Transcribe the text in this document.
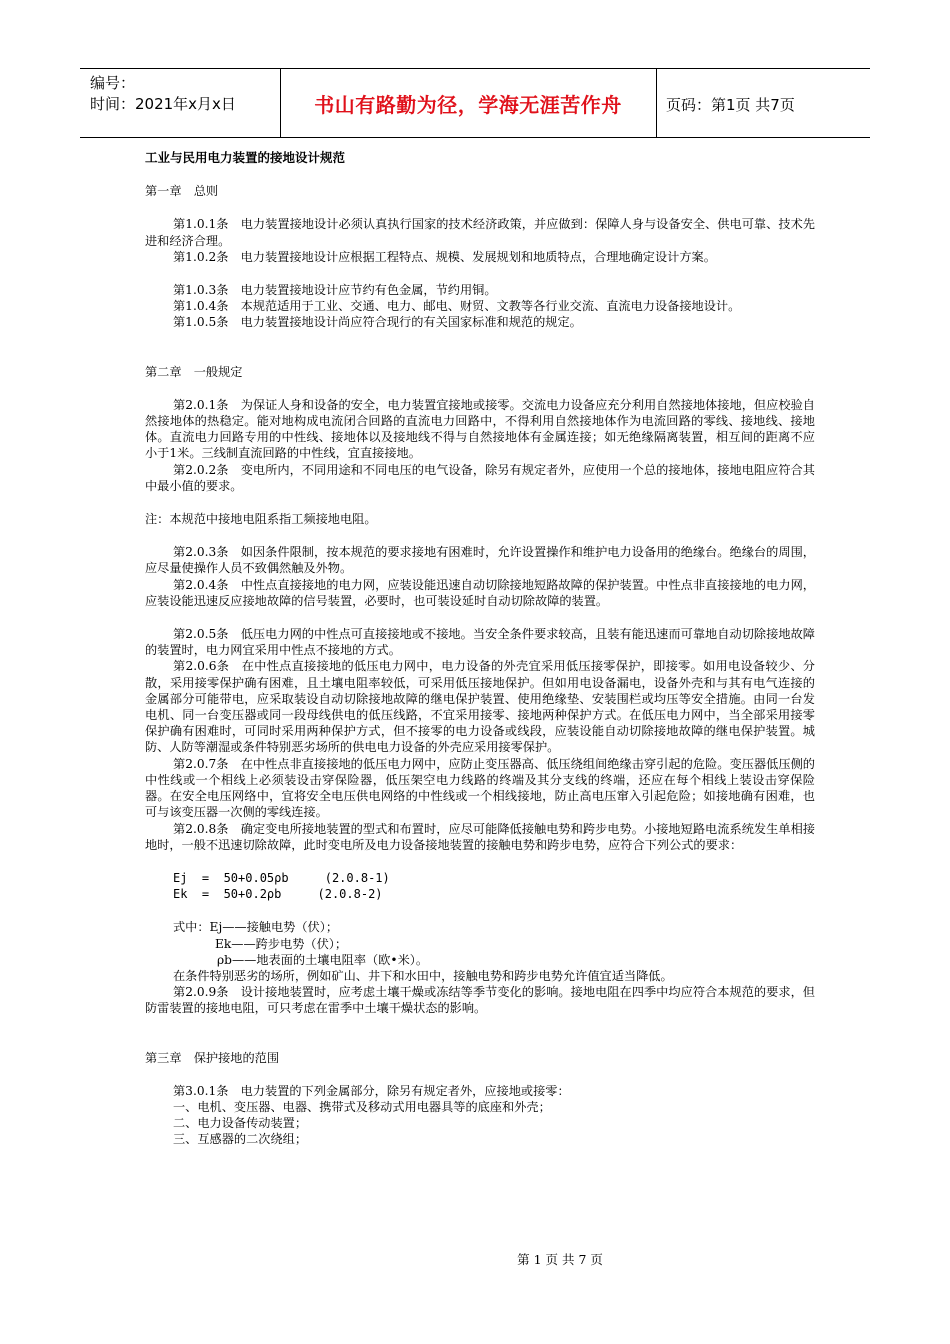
编号：
时间：2021年x月x日	书山有路勤为径，学海无涯苦作舟	页码：第1页 共7页

工业与民用电力装置的接地设计规范

第一章　总则

第1.0.1条　电力装置接地设计必须认真执行国家的技术经济政策，并应做到：保障人身与设备安全、供电可靠、技术先进和经济合理。

第1.0.2条　电力装置接地设计应根据工程特点、规模、发展规划和地质特点，合理地确定设计方案。

第1.0.3条　电力装置接地设计应节约有色金属，节约用铜。

第1.0.4条　本规范适用于工业、交通、电力、邮电、财贸、文教等各行业交流、直流电力设备接地设计。

第1.0.5条　电力装置接地设计尚应符合现行的有关国家标准和规范的规定。

第二章　一般规定

第2.0.1条　为保证人身和设备的安全，电力装置宜接地或接零。交流电力设备应充分利用自然接地体接地，但应校验自然接地体的热稳定。能对地构成电流闭合回路的直流电力回路中，不得利用自然接地体作为电流回路的零线、接地线、接地体。直流电力回路专用的中性线、接地体以及接地线不得与自然接地体有金属连接；如无绝缘隔离装置，相互间的距离不应小于1米。三线制直流回路的中性线，宜直接接地。

第2.0.2条　变电所内，不同用途和不同电压的电气设备，除另有规定者外，应使用一个总的接地体，接地电阻应符合其中最小值的要求。

注：本规范中接地电阻系指工频接地电阻。

第2.0.3条　如因条件限制，按本规范的要求接地有困难时，允许设置操作和维护电力设备用的绝缘台。绝缘台的周围，应尽量使操作人员不致偶然触及外物。

第2.0.4条　中性点直接接地的电力网，应装设能迅速自动切除接地短路故障的保护装置。中性点非直接接地的电力网，应装设能迅速反应接地故障的信号装置，必要时，也可装设延时自动切除故障的装置。

第2.0.5条　低压电力网的中性点可直接接地或不接地。当安全条件要求较高，且装有能迅速而可靠地自动切除接地故障的装置时，电力网宜采用中性点不接地的方式。

第2.0.6条　在中性点直接接地的低压电力网中，电力设备的外壳宜采用低压接零保护，即接零。如用电设备较少、分散，采用接零保护确有困难，且土壤电阻率较低，可采用低压接地保护。但如用电设备漏电，设备外壳和与其有电气连接的金属部分可能带电，应采取装设自动切除接地故障的继电保护装置、使用绝缘垫、安装围栏或均压等安全措施。由同一台发电机、同一台变压器或同一段母线供电的低压线路，不宜采用接零、接地两种保护方式。在低压电力网中，当全部采用接零保护确有困难时，可同时采用两种保护方式，但不接零的电力设备或线段，应装设能自动切除接地故障的继电保护装置。城防、人防等潮湿或条件特别恶劣场所的供电电力设备的外壳应采用接零保护。

第2.0.7条　在中性点非直接接地的低压电力网中，应防止变压器高、低压绕组间绝缘击穿引起的危险。变压器低压侧的中性线或一个相线上必须装设击穿保险器，低压架空电力线路的终端及其分支线的终端，还应在每个相线上装设击穿保险器。在安全电压网络中，宜将安全电压供电网络的中性线或一个相线接地，防止高电压窜入引起危险；如接地确有困难，也可与该变压器一次侧的零线连接。

第2.0.8条　确定变电所接地装置的型式和布置时，应尽可能降低接触电势和跨步电势。小接地短路电流系统发生单相接地时，一般不迅速切除故障，此时变电所及电力设备接地装置的接触电势和跨步电势，应符合下列公式的要求：

Ej  =  50+0.05ρb     (2.0.8-1)

Ek  =  50+0.2ρb     (2.0.8-2)

式中：Ej——接触电势（伏）；

Ek——跨步电势（伏）；

ρb——地表面的土壤电阻率（欧•米）。

在条件特别恶劣的场所，例如矿山、井下和水田中，接触电势和跨步电势允许值宜适当降低。

第2.0.9条　设计接地装置时，应考虑土壤干燥或冻结等季节变化的影响。接地电阻在四季中均应符合本规范的要求，但防雷装置的接地电阻，可只考虑在雷季中土壤干燥状态的影响。

第三章　保护接地的范围

第3.0.1条　电力装置的下列金属部分，除另有规定者外，应接地或接零：

一、电机、变压器、电器、携带式及移动式用电器具等的底座和外壳；

二、电力设备传动装置；

三、互感器的二次绕组；

第 1 页 共 7 页
